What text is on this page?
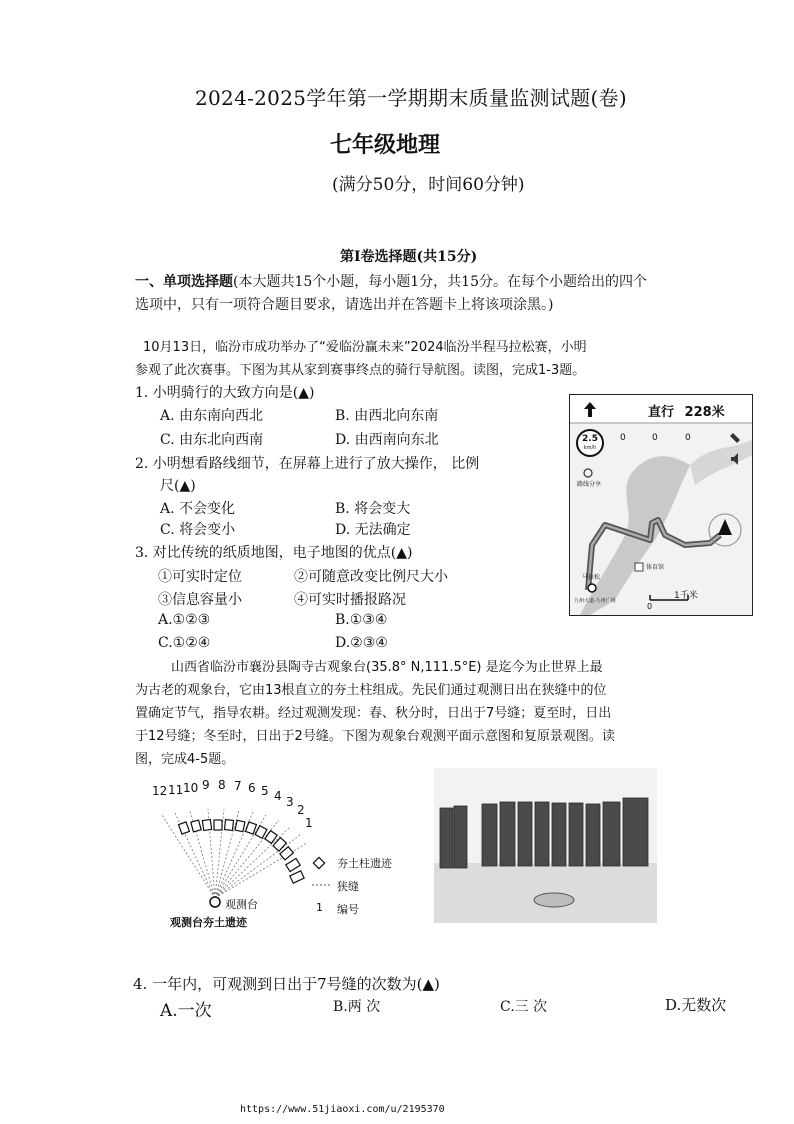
2024-2025学年第一学期期末质量监测试题(卷)
七年级地理
(满分50分，时间60分钟)
第Ⅰ卷选择题(共15分)
一、单项选择题(本大题共15个小题，每小题1分，共15分。在每个小题给出的四个
选项中，只有一项符合题目要求，请选出并在答题卡上将该项涂黑。)
10月13日，临汾市成功举办了“爱临汾赢未来”2024临汾半程马拉松赛，小明
参观了此次赛事。下图为其从家到赛事终点的骑行导航图。读图，完成1-3题。
1. 小明骑行的大致方向是(▲)
A. 由东南向西北	B. 由西北向东南
C. 由东北向西南	D. 由西南向东北
2. 小明想看路线细节，在屏幕上进行了放大操作， 比例
尺(▲)
A. 不会变化	B. 将会变大
C. 将会变小	D. 无法确定
3. 对比传统的纸质地图，电子地图的优点(▲)
①可实时定位	②可随意改变比例尺大小
③信息容量小	④可实时播报路况
A.①②③	B.①③④
C.①②④	D.②③④
直行 228米
2.5
km/h
0	0	0
路线分享
马拉松
九州大道·九州广场
体育馆
0
1千米
山西省临汾市襄汾县陶寺古观象台(35.8° N,111.5°E) 是迄今为止世界上最
为古老的观象台，它由13根直立的夯土柱组成。先民们通过观测日出在狭缝中的位
置确定节气，指导农耕。经过观测发现：春、秋分时，日出于7号缝；夏至时，日出
于12号缝；冬至时，日出于2号缝。下图为观象台观测平面示意图和复原景观图。读
图，完成4-5题。
12 11 10 9 8 7 6 5 4 3
2
1
夯土柱遗迹
狭缝
1 编号
观测台
观测台夯土遗迹
4. 一年内，可观测到日出于7号缝的次数为(▲)
A.一次	B.两 次	C.三 次	D.无数次
https://www.51jiaoxi.com/u/2195370
